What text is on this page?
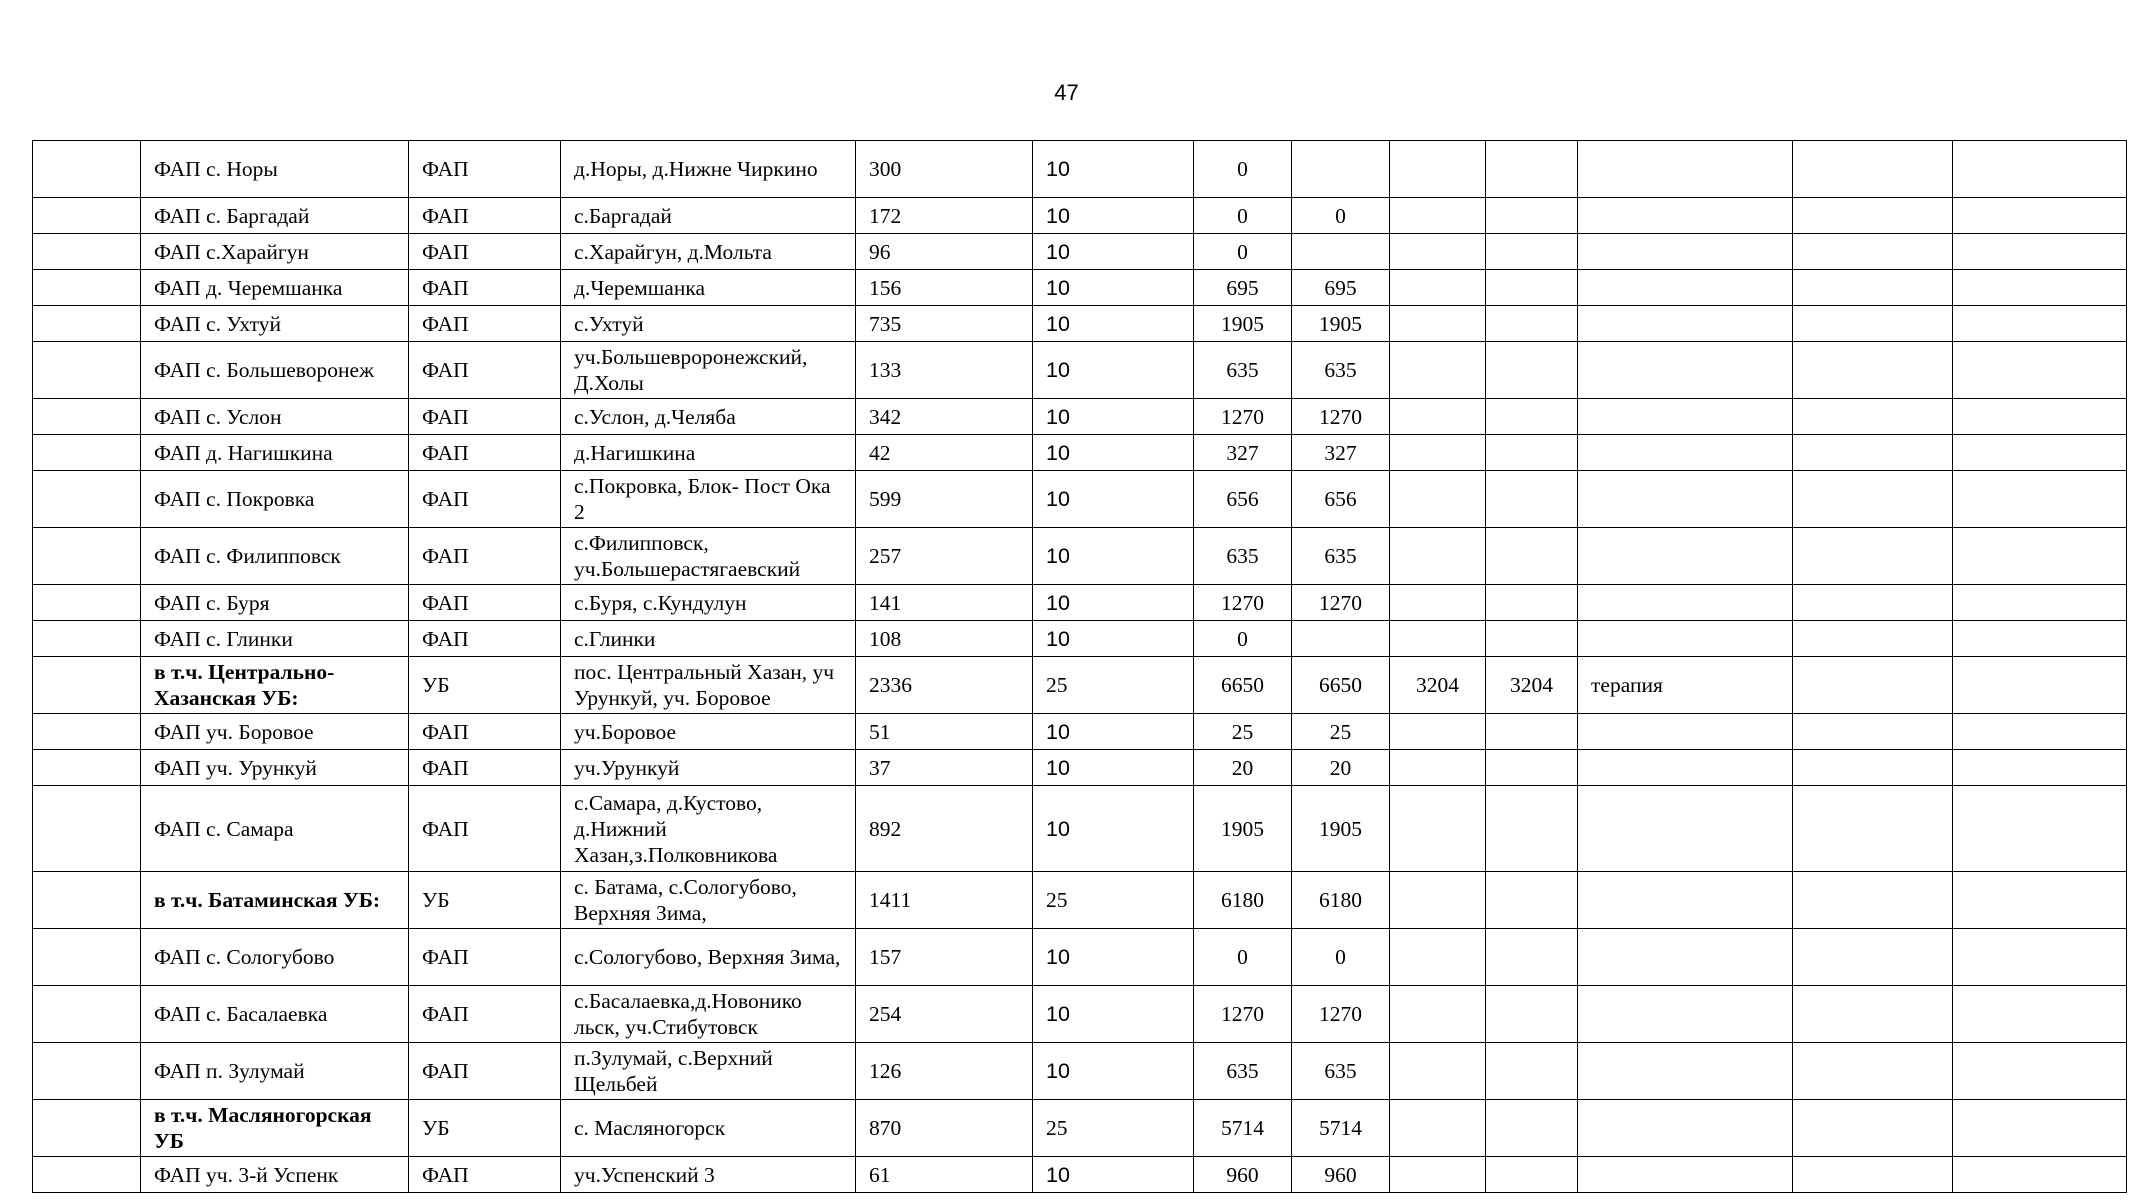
47
	ФАП с. Норы	ФАП	д.Норы, д.Нижне Чиркино	300	10	0						
	ФАП с. Баргадай	ФАП	с.Баргадай	172	10	0	0					
	ФАП с.Харайгун	ФАП	с.Харайгун, д.Мольта	96	10	0						
	ФАП д. Черемшанка	ФАП	д.Черемшанка	156	10	695	695					
	ФАП с. Ухтуй	ФАП	с.Ухтуй	735	10	1905	1905					
	ФАП с. Большеворонеж	ФАП	уч.Большевроронежский, Д.Холы	133	10	635	635					
	ФАП с. Услон	ФАП	с.Услон, д.Челяба	342	10	1270	1270					
	ФАП д. Нагишкина	ФАП	д.Нагишкина	42	10	327	327					
	ФАП с. Покровка	ФАП	с.Покровка, Блок- Пост Ока 2	599	10	656	656					
	ФАП с. Филипповск	ФАП	с.Филипповск, уч.Большерастягаевский	257	10	635	635					
	ФАП с. Буря	ФАП	с.Буря, с.Кундулун	141	10	1270	1270					
	ФАП с. Глинки	ФАП	с.Глинки	108	10	0						
	в т.ч. Центрально-Хазанская УБ:	УБ	пос. Центральный Хазан, уч Урункуй, уч. Боровое	2336	25	6650	6650	3204	3204	терапия		
	ФАП уч. Боровое	ФАП	уч.Боровое	51	10	25	25					
	ФАП уч. Урункуй	ФАП	уч.Урункуй	37	10	20	20					
	ФАП с. Самара	ФАП	с.Самара, д.Кустово, д.Нижний Хазан,з.Полковникова	892	10	1905	1905					
	в т.ч. Батаминская УБ:	УБ	с. Батама, с.Сологубово, Верхняя Зима,	1411	25	6180	6180					
	ФАП с. Сологубово	ФАП	с.Сологубово, Верхняя Зима,	157	10	0	0					
	ФАП с. Басалаевка	ФАП	с.Басалаевка,д.Новонико льск, уч.Стибутовск	254	10	1270	1270					
	ФАП п. Зулумай	ФАП	п.Зулумай, с.Верхний Щельбей	126	10	635	635					
	в т.ч. Масляногорская УБ	УБ	с. Масляногорск	870	25	5714	5714					
	ФАП уч. 3-й Успенк	ФАП	уч.Успенский 3	61	10	960	960					
